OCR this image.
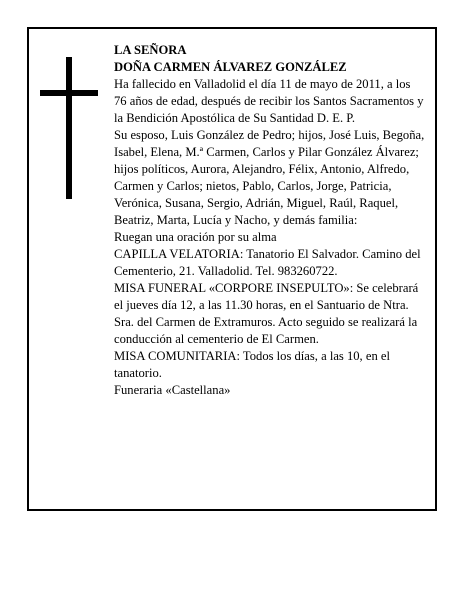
LA SEÑORA

DOÑA CARMEN ÁLVAREZ GONZÁLEZ

Ha fallecido en Valladolid el día 11 de mayo de 2011, a los 76 años de edad, después de recibir los Santos Sacramentos y la Bendición Apostólica de Su Santidad D. E. P.

Su esposo, Luis González de Pedro; hijos, José Luis, Begoña, Isabel, Elena, M.ª Carmen, Carlos y Pilar González Álvarez; hijos políticos, Aurora, Alejandro, Félix, Antonio, Alfredo, Carmen y Carlos; nietos, Pablo, Carlos, Jorge, Patricia, Verónica, Susana, Sergio, Adrián, Miguel, Raúl, Raquel, Beatriz, Marta, Lucía y Nacho, y demás familia:

Ruegan una oración por su alma

CAPILLA VELATORIA: Tanatorio El Salvador. Camino del Cementerio, 21. Valladolid. Tel. 983260722.

MISA FUNERAL «CORPORE INSEPULTO»: Se celebrará el jueves día 12, a las 11.30 horas, en el Santuario de Ntra. Sra. del Carmen de Extramuros. Acto seguido se realizará la conducción al cementerio de El Carmen.

MISA COMUNITARIA: Todos los días, a las 10, en el tanatorio.

Funeraria «Castellana»
